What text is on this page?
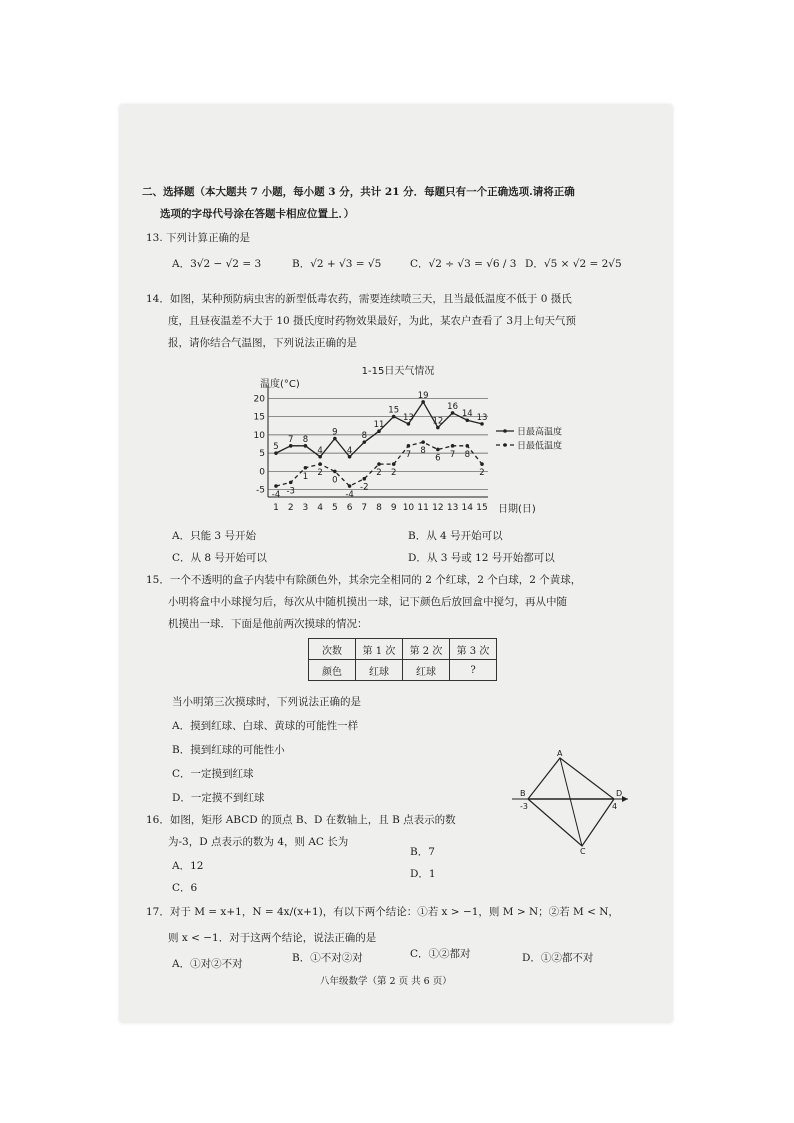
二、选择题（本大题共 7 小题，每小题 3 分，共计 21 分．每题只有一个正确选项.请将正确
选项的字母代号涂在答题卡相应位置上．）
13. 下列计算正确的是
A．3√2 − √2 = 3	B．√2 + √3 = √5	C．√2 ÷ √3 = √6 / 3 D．√5 × √2 = 2√5
14．如图，某种预防病虫害的新型低毒农药，需要连续喷三天，且当最低温度不低于 0 摄氏
度，且昼夜温差不大于 10 摄氏度时药物效果最好，为此，某农户查看了 3月上旬天气预
报，请你结合气温图，下列说法正确的是
1-15日天气情况
温度(°C)
日期(日)
20
15
10
5
0
-5
1 2 3 4 5 6 7 8 9 10 11 12 13 14 15
5
7 8
4
9
4
8
11
15
13
19
12
16
14 13
-4 -3
1 2
0
-4
-2
2 2
7 8
6 7 8
2
日最高温度
日最低温度
A．只能 3 号开始	B．从 4 号开始可以
C．从 8 号开始可以	D．从 3 号或 12 号开始都可以
15．一个不透明的盒子内装中有除颜色外，其余完全相同的 2 个红球，2 个白球，2 个黄球，
小明将盒中小球搅匀后，每次从中随机摸出一球，记下颜色后放回盒中搅匀，再从中随
机摸出一球．下面是他前两次摸球的情况：
次数	第 1 次	第 2 次	第 3 次
颜色	红球	红球	?
当小明第三次摸球时，下列说法正确的是
A．摸到红球、白球、黄球的可能性一样
B．摸到红球的可能性小
C．一定摸到红球
D．一定摸不到红球
16．如图，矩形 ABCD 的顶点 B、D 在数轴上，且 B 点表示的数
为-3，D 点表示的数为 4，则 AC 长为
A．12
B．7
C．6
D．1
A
B
C
D
-3	4
17．对于 M = x+1，N = 4x/(x+1)，有以下两个结论：①若 x > −1，则 M > N；②若 M < N，
则 x < −1．对于这两个结论，说法正确的是
A．①对②不对	B．①不对②对	C．①②都对	D．①②都不对
八年级数学（第 2 页 共 6 页）
